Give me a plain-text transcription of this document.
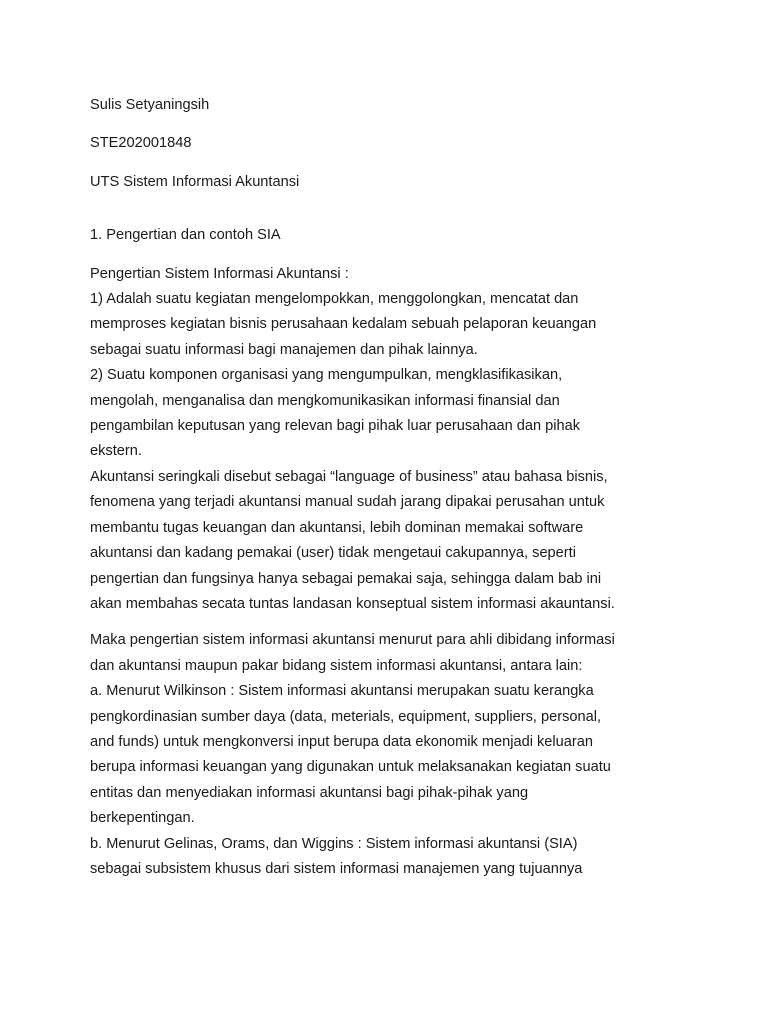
Sulis Setyaningsih

STE202001848

UTS Sistem Informasi Akuntansi

1. Pengertian dan contoh SIA

Pengertian Sistem Informasi Akuntansi :

1) Adalah suatu kegiatan mengelompokkan, menggolongkan, mencatat dan
memproses kegiatan bisnis perusahaan kedalam sebuah pelaporan keuangan
sebagai suatu informasi bagi manajemen dan pihak lainnya.
2) Suatu komponen organisasi yang mengumpulkan, mengklasifikasikan,
mengolah, menganalisa dan mengkomunikasikan informasi finansial dan
pengambilan keputusan yang relevan bagi pihak luar perusahaan dan pihak
ekstern.
Akuntansi seringkali disebut sebagai “language of business” atau bahasa bisnis,
fenomena yang terjadi akuntansi manual sudah jarang dipakai perusahan untuk
membantu tugas keuangan dan akuntansi, lebih dominan memakai software
akuntansi dan kadang pemakai (user) tidak mengetaui cakupannya, seperti
pengertian dan fungsinya hanya sebagai pemakai saja, sehingga dalam bab ini
akan membahas secata tuntas landasan konseptual sistem informasi akauntansi.
Maka pengertian sistem informasi akuntansi menurut para ahli dibidang informasi
dan akuntansi maupun pakar bidang sistem informasi akuntansi, antara lain:
a. Menurut Wilkinson : Sistem informasi akuntansi merupakan suatu kerangka
pengkordinasian sumber daya (data, meterials, equipment, suppliers, personal,
and funds) untuk mengkonversi input berupa data ekonomik menjadi keluaran
berupa informasi keuangan yang digunakan untuk melaksanakan kegiatan suatu
entitas dan menyediakan informasi akuntansi bagi pihak-pihak yang
berkepentingan.
b. Menurut Gelinas, Orams, dan Wiggins : Sistem informasi akuntansi (SIA)
sebagai subsistem khusus dari sistem informasi manajemen yang tujuannya
